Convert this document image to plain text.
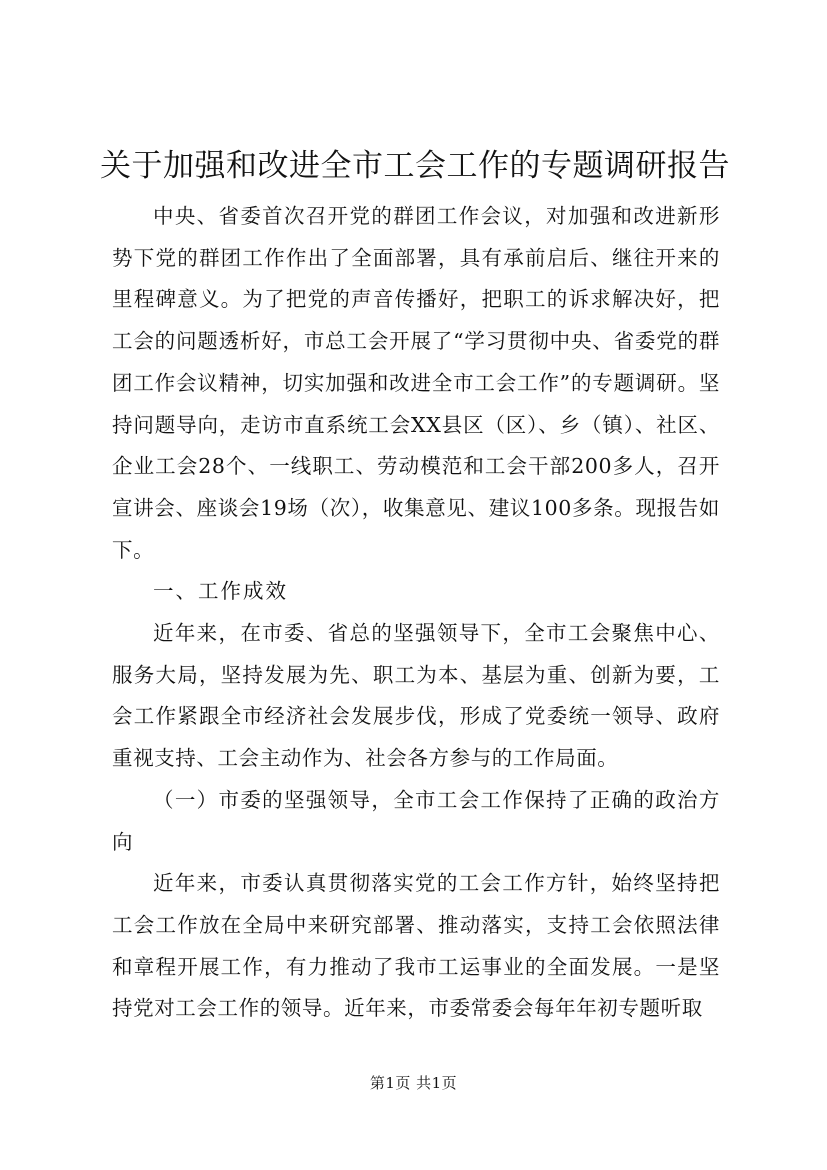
关于加强和改进全市工会工作的专题调研报告

中央、省委首次召开党的群团工作会议，对加强和改进新形势下党的群团工作作出了全面部署，具有承前启后、继往开来的里程碑意义。为了把党的声音传播好，把职工的诉求解决好，把工会的问题透析好，市总工会开展了“学习贯彻中央、省委党的群团工作会议精神，切实加强和改进全市工会工作”的专题调研。坚持问题导向，走访市直系统工会XX县区（区）、乡（镇）、社区、企业工会28个、一线职工、劳动模范和工会干部200多人，召开宣讲会、座谈会19场（次），收集意见、建议100多条。现报告如下。

一、工作成效

近年来，在市委、省总的坚强领导下，全市工会聚焦中心、服务大局，坚持发展为先、职工为本、基层为重、创新为要，工会工作紧跟全市经济社会发展步伐，形成了党委统一领导、政府重视支持、工会主动作为、社会各方参与的工作局面。

（一）市委的坚强领导，全市工会工作保持了正确的政治方向

近年来，市委认真贯彻落实党的工会工作方针，始终坚持把工会工作放在全局中来研究部署、推动落实，支持工会依照法律和章程开展工作，有力推动了我市工运事业的全面发展。一是坚持党对工会工作的领导。近年来，市委常委会每年年初专题听取

第1页 共1页
